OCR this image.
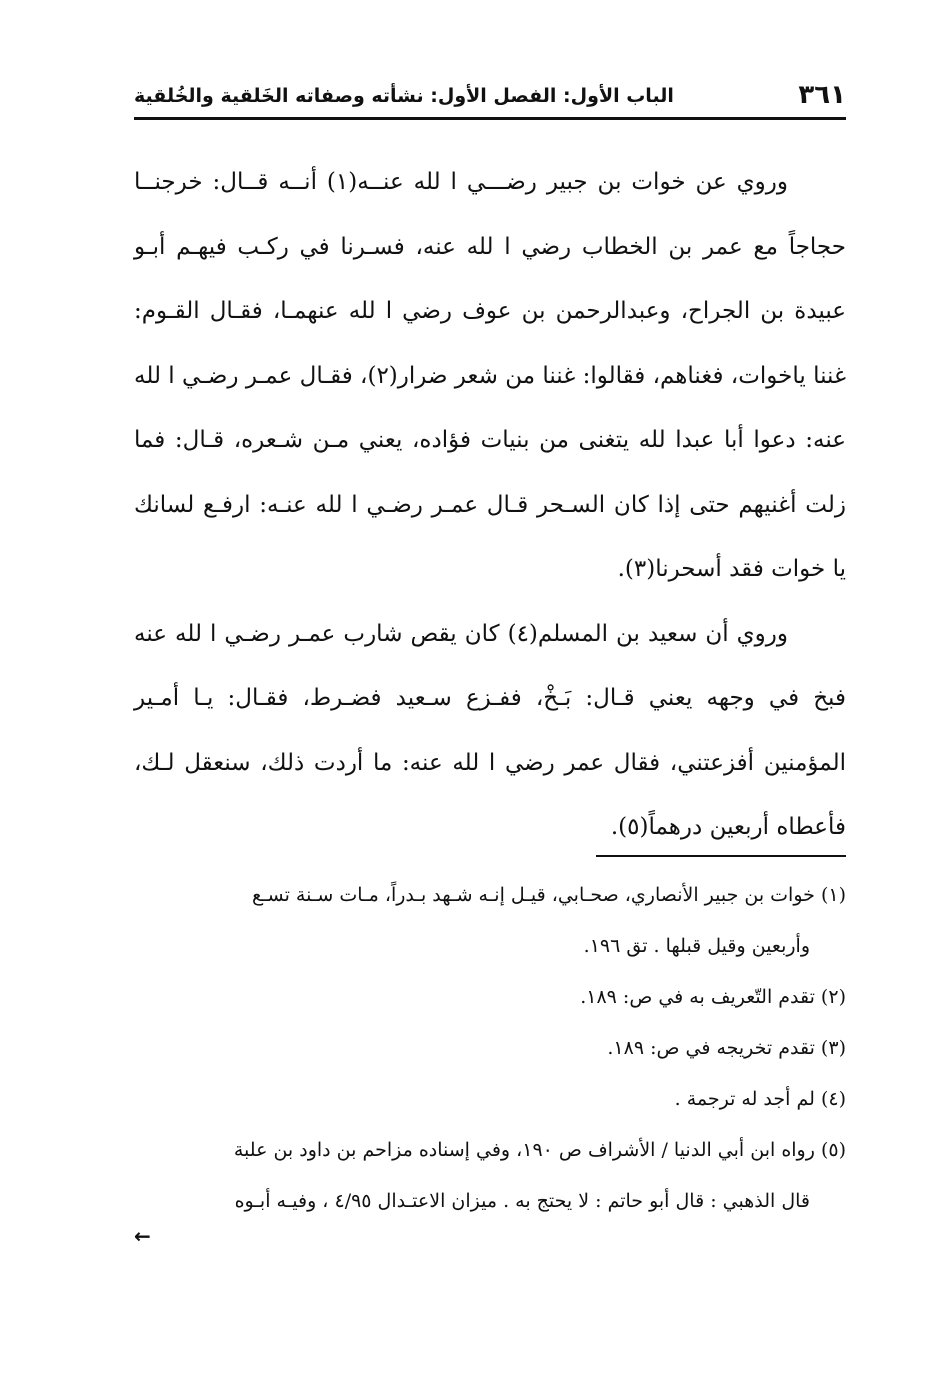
٣٦١
الباب الأول: الفصل الأول: نشأته وصفاته الخَلقية والخُلقية

وروي عن خوات بن جبير رضـــي ا لله عنــه(١) أنــه قــال: خرجنــا حجاجاً مع عمر بن الخطاب رضي ا لله عنه، فسـرنا في ركـب فيهـم أبـو عبيدة بن الجراح، وعبدالرحمن بن عوف رضي ا لله عنهمـا، فقـال القـوم: غننا ياخوات، فغناهم، فقالوا: غننا من شعر ضرار(٢)، فقـال عمـر رضـي ا لله عنه: دعوا أبا عبدا لله يتغنى من بنيات فؤاده، يعني مـن شـعره، قـال: فما زلت أغنيهم حتى إذا كان السـحر قـال عمـر رضـي ا لله عنـه: ارفـع لسانك يا خوات فقد أسحرنا(٣).

وروي أن سعيد بن المسلم(٤) كان يقص شارب عمـر رضـي ا لله عنه فبخ في وجهه يعني قـال: بَـخْ، ففـزع سـعيد فضـرط، فقـال: يـا أمـير المؤمنين أفزعتني، فقال عمر رضي ا لله عنه: ما أردت ذلك، سنعقل لـك، فأعطاه أربعين درهماً(٥).

(١) خوات بن جبير الأنصاري، صحـابي، قيـل إنـه شـهد بـدراً، مـات سـنة تسـع
وأربعين وقيل قبلها . تق ١٩٦.

(٢) تقدم التّعريف به في ص: ١٨٩.

(٣) تقدم تخريجه في ص: ١٨٩.

(٤) لم أجد له ترجمة .

(٥) رواه ابن أبي الدنيا / الأشراف ص ١٩٠، وفي إسناده مزاحم بن داود بن علبة
قال الذهبي : قال أبو حاتم : لا يحتج به . ميزان الاعتـدال ٤/٩٥ ، وفيـه أبـوه

←
